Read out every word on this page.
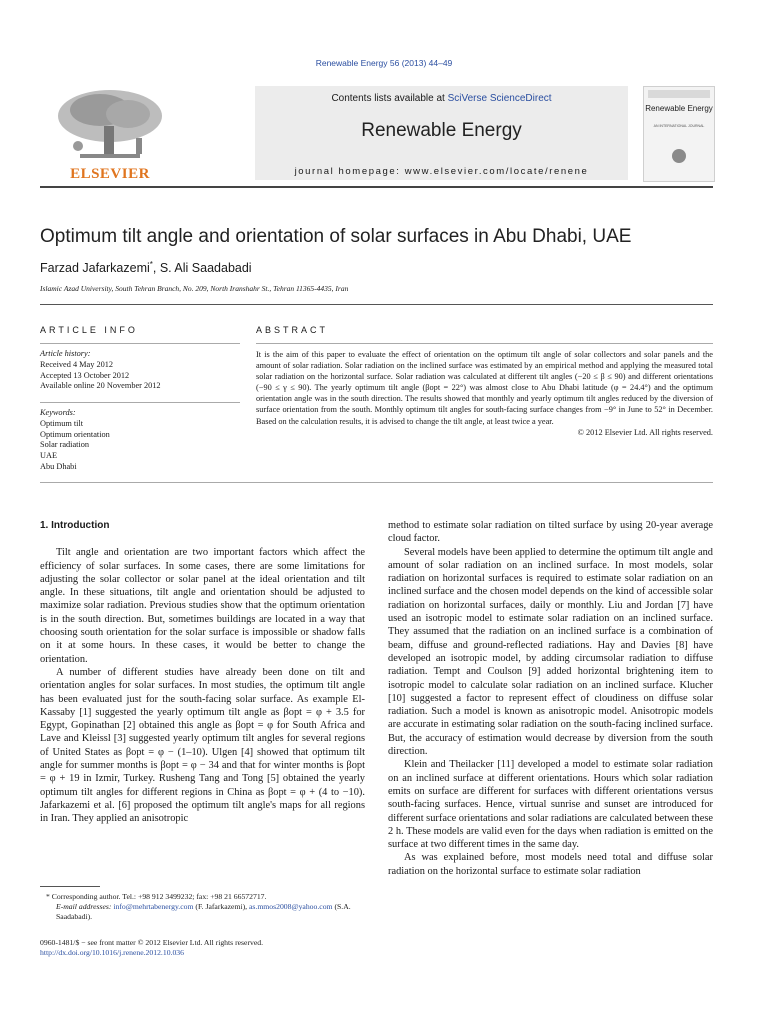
Renewable Energy 56 (2013) 44–49
ELSEVIER
Contents lists available at SciVerse ScienceDirect
Renewable Energy
journal homepage: www.elsevier.com/locate/renene
Renewable Energy
AN INTERNATIONAL JOURNAL
Optimum tilt angle and orientation of solar surfaces in Abu Dhabi, UAE
Farzad Jafarkazemi*, S. Ali Saadabadi
Islamic Azad University, South Tehran Branch, No. 209, North Iranshahr St., Tehran 11365-4435, Iran
ARTICLE INFO
Article history:
Received 4 May 2012
Accepted 13 October 2012
Available online 20 November 2012
Keywords:
Optimum tilt
Optimum orientation
Solar radiation
UAE
Abu Dhabi
ABSTRACT

It is the aim of this paper to evaluate the effect of orientation on the optimum tilt angle of solar collectors and solar panels and the amount of solar radiation. Solar radiation on the inclined surface was estimated by an empirical method and applying the measured total solar radiation on the horizontal surface. Solar radiation was calculated at different tilt angles (−20 ≤ β ≤ 90) and different orientations (−90 ≤ γ ≤ 90). The yearly optimum tilt angle (βopt = 22°) was almost close to Abu Dhabi latitude (φ = 24.4°) and the optimum orientation angle was in the south direction. The results showed that monthly and yearly optimum tilt angles reduced by the diversion of surface orientation from the south. Monthly optimum tilt angles for south-facing surface changes from −9° in June to 52° in December. Based on the calculation results, it is advised to change the tilt angle, at least twice a year.

© 2012 Elsevier Ltd. All rights reserved.

1. Introduction

Tilt angle and orientation are two important factors which affect the efficiency of solar surfaces. In some cases, there are some limitations for adjusting the solar collector or solar panel at the ideal orientation and tilt angle. In these situations, tilt angle and orientation should be adjusted to maximize solar radiation. Previous studies show that the optimum orientation is in the south direction. But, sometimes buildings are located in a way that choosing south orientation for the solar surface is impossible or shadow falls on it at some hours. In these cases, it would be better to change the orientation.

A number of different studies have already been done on tilt and orientation angles for solar surfaces. In most studies, the optimum tilt angle has been evaluated just for the south-facing solar surface. As example El-Kassaby [1] suggested the yearly optimum tilt angle as βopt = φ + 3.5 for Egypt, Gopinathan [2] obtained this angle as βopt = φ for South Africa and Lave and Kleissl [3] suggested yearly optimum tilt angles for several regions of United States as βopt = φ − (1–10). Ulgen [4] showed that optimum tilt angle for summer months is βopt = φ − 34 and that for winter months is βopt = φ + 19 in Izmir, Turkey. Rusheng Tang and Tong [5] obtained the yearly optimum tilt angles for different regions in China as βopt = φ + (4 to −10). Jafarkazemi et al. [6] proposed the optimum tilt angle's maps for all regions in Iran. They applied an anisotropic

method to estimate solar radiation on tilted surface by using 20-year average cloud factor.

Several models have been applied to determine the optimum tilt angle and amount of solar radiation on an inclined surface. In most models, solar radiation on horizontal surfaces is required to estimate solar radiation on an inclined surface and the chosen model depends on the kind of accessible solar radiation on horizontal surfaces, daily or monthly. Liu and Jordan [7] have used an isotropic model to estimate solar radiation on an inclined surface. They assumed that the radiation on an inclined surface is a combination of beam, diffuse and ground-reflected radiations. Hay and Davies [8] have developed an isotropic model, by adding circumsolar radiation to diffuse radiation. Tempt and Coulson [9] added horizontal brightening item to isotropic model to calculate solar radiation on an inclined surface. Klucher [10] suggested a factor to represent effect of cloudiness on diffuse solar radiation. Such a model is known as anisotropic model. Anisotropic models are accurate in estimating solar radiation on the south-facing inclined surface. But, the accuracy of estimation would decrease by diversion from the south direction.

Klein and Theilacker [11] developed a model to estimate solar radiation on an inclined surface at different orientations. Hours which solar radiation emits on surface are different for surfaces with different orientations versus south-facing surfaces. Hence, virtual sunrise and sunset are introduced for different surface orientations and solar radiations are calculated between these 2 h. These models are valid even for the days when radiation is emitted on the surface at two different times in the same day.

As was explained before, most models need total and diffuse solar radiation on the horizontal surface to estimate solar radiation

* Corresponding author. Tel.: +98 912 3499232; fax: +98 21 66572717.
E-mail addresses: info@mehrtabenergy.com (F. Jafarkazemi), as.mmos2008@yahoo.com (S.A. Saadabadi).
0960-1481/$ − see front matter © 2012 Elsevier Ltd. All rights reserved.
http://dx.doi.org/10.1016/j.renene.2012.10.036
